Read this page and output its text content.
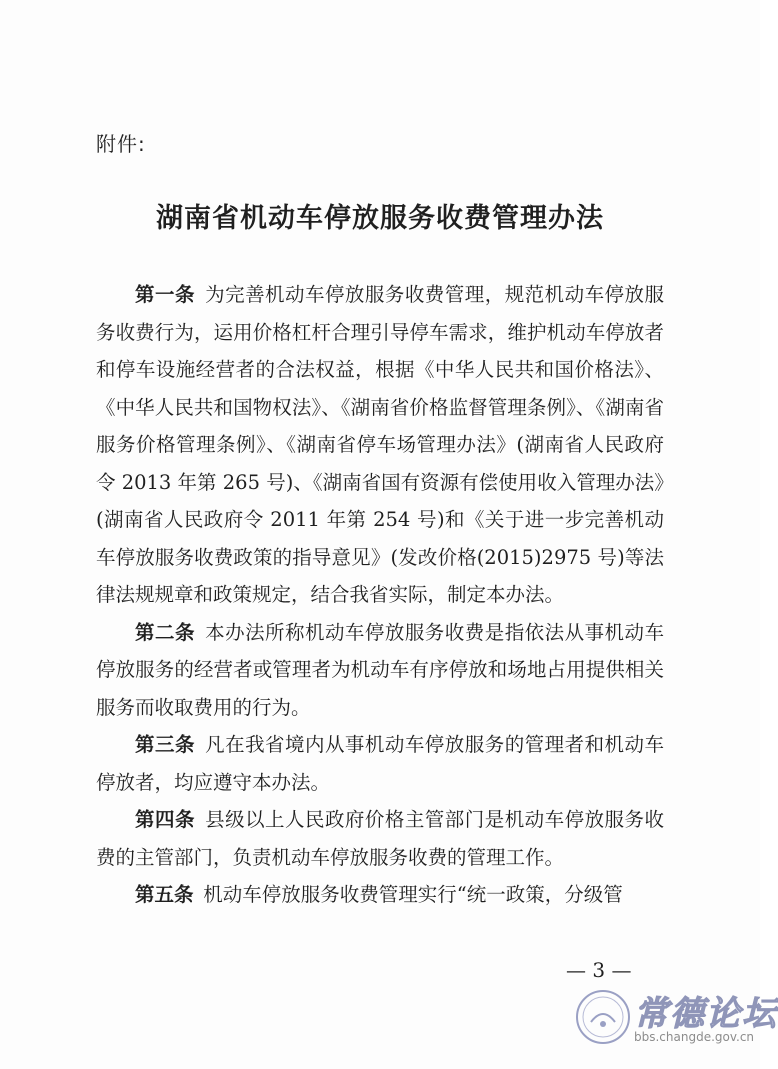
附件:
湖南省机动车停放服务收费管理办法

第一条  为完善机动车停放服务收费管理，规范机动车停放服务收费行为，运用价格杠杆合理引导停车需求，维护机动车停放者和停车设施经营者的合法权益，根据《中华人民共和国价格法》、《中华人民共和国物权法》、《湖南省价格监督管理条例》、《湖南省服务价格管理条例》、《湖南省停车场管理办法》(湖南省人民政府令 2013 年第 265 号)、《湖南省国有资源有偿使用收入管理办法》(湖南省人民政府令 2011 年第 254 号)和《关于进一步完善机动车停放服务收费政策的指导意见》(发改价格(2015)2975 号)等法律法规规章和政策规定，结合我省实际，制定本办法。

第二条  本办法所称机动车停放服务收费是指依法从事机动车停放服务的经营者或管理者为机动车有序停放和场地占用提供相关服务而收取费用的行为。

第三条  凡在我省境内从事机动车停放服务的管理者和机动车停放者，均应遵守本办法。

第四条  县级以上人民政府价格主管部门是机动车停放服务收费的主管部门，负责机动车停放服务收费的管理工作。

第五条  机动车停放服务收费管理实行“统一政策，分级管

— 3 —
常德论坛
bbs.changde.gov.cn
